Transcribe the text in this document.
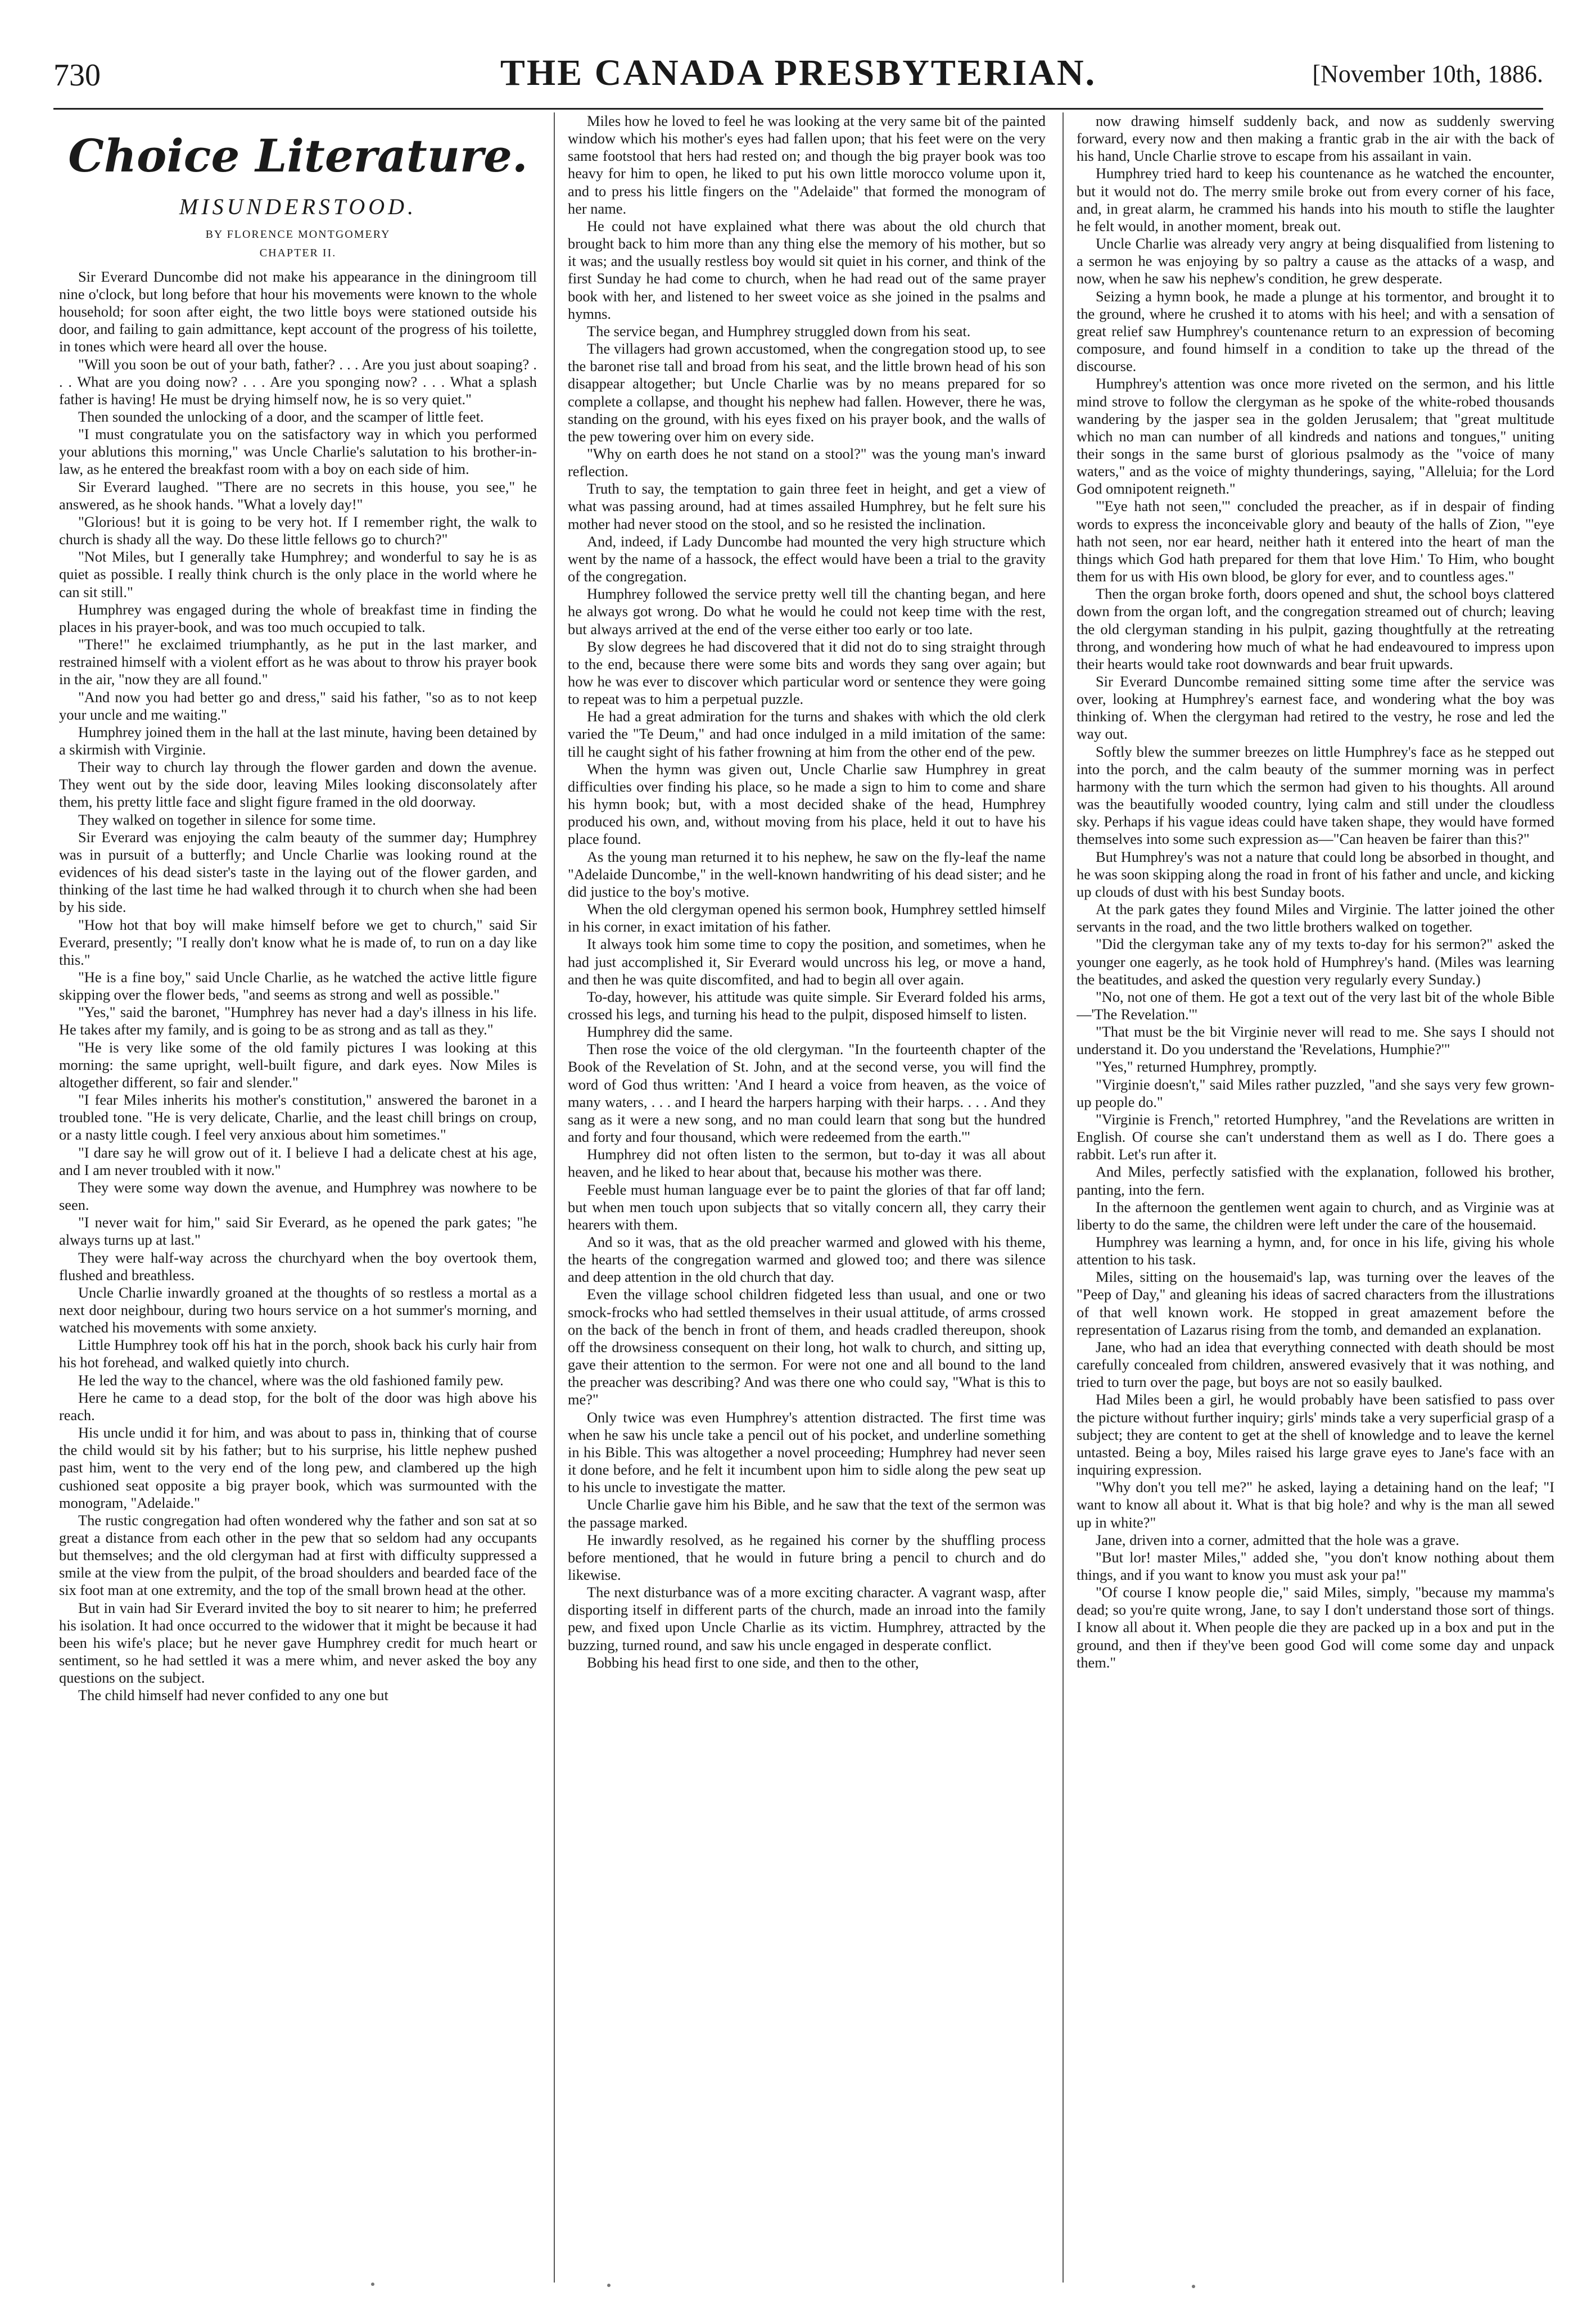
730	THE CANADA PRESBYTERIAN.	[November 10th, 1886.
Choice Literature.
MISUNDERSTOOD.
BY FLORENCE MONTGOMERY
CHAPTER II.

Sir Everard Duncombe did not make his appearance in the diningroom till nine o'clock, but long before that hour his movements were known to the whole household; for soon after eight, the two little boys were stationed outside his door, and failing to gain admittance, kept account of the progress of his toilette, in tones which were heard all over the house.

"Will you soon be out of your bath, father? . . . Are you just about soaping? . . . What are you doing now? . . . Are you sponging now? . . . What a splash father is having! He must be drying himself now, he is so very quiet."

Then sounded the unlocking of a door, and the scamper of little feet.

"I must congratulate you on the satisfactory way in which you performed your ablutions this morning," was Uncle Charlie's salutation to his brother-in-law, as he entered the breakfast room with a boy on each side of him.

Sir Everard laughed. "There are no secrets in this house, you see," he answered, as he shook hands. "What a lovely day!"

"Glorious! but it is going to be very hot. If I remember right, the walk to church is shady all the way. Do these little fellows go to church?"

"Not Miles, but I generally take Humphrey; and wonderful to say he is as quiet as possible. I really think church is the only place in the world where he can sit still."

Humphrey was engaged during the whole of breakfast time in finding the places in his prayer-book, and was too much occupied to talk.

"There!" he exclaimed triumphantly, as he put in the last marker, and restrained himself with a violent effort as he was about to throw his prayer book in the air, "now they are all found."

"And now you had better go and dress," said his father, "so as to not keep your uncle and me waiting."

Humphrey joined them in the hall at the last minute, having been detained by a skirmish with Virginie.

Their way to church lay through the flower garden and down the avenue. They went out by the side door, leaving Miles looking disconsolately after them, his pretty little face and slight figure framed in the old doorway.

They walked on together in silence for some time.

Sir Everard was enjoying the calm beauty of the summer day; Humphrey was in pursuit of a butterfly; and Uncle Charlie was looking round at the evidences of his dead sister's taste in the laying out of the flower garden, and thinking of the last time he had walked through it to church when she had been by his side.

"How hot that boy will make himself before we get to church," said Sir Everard, presently; "I really don't know what he is made of, to run on a day like this."

"He is a fine boy," said Uncle Charlie, as he watched the active little figure skipping over the flower beds, "and seems as strong and well as possible."

"Yes," said the baronet, "Humphrey has never had a day's illness in his life. He takes after my family, and is going to be as strong and as tall as they."

"He is very like some of the old family pictures I was looking at this morning: the same upright, well-built figure, and dark eyes. Now Miles is altogether different, so fair and slender."

"I fear Miles inherits his mother's constitution," answered the baronet in a troubled tone. "He is very delicate, Charlie, and the least chill brings on croup, or a nasty little cough. I feel very anxious about him sometimes."

"I dare say he will grow out of it. I believe I had a delicate chest at his age, and I am never troubled with it now."

They were some way down the avenue, and Humphrey was nowhere to be seen.

"I never wait for him," said Sir Everard, as he opened the park gates; "he always turns up at last."

They were half-way across the churchyard when the boy overtook them, flushed and breathless.

Uncle Charlie inwardly groaned at the thoughts of so restless a mortal as a next door neighbour, during two hours service on a hot summer's morning, and watched his movements with some anxiety.

Little Humphrey took off his hat in the porch, shook back his curly hair from his hot forehead, and walked quietly into church.

He led the way to the chancel, where was the old fashioned family pew.

Here he came to a dead stop, for the bolt of the door was high above his reach.

His uncle undid it for him, and was about to pass in, thinking that of course the child would sit by his father; but to his surprise, his little nephew pushed past him, went to the very end of the long pew, and clambered up the high cushioned seat opposite a big prayer book, which was surmounted with the monogram, "Adelaide."

The rustic congregation had often wondered why the father and son sat at so great a distance from each other in the pew that so seldom had any occupants but themselves; and the old clergyman had at first with difficulty suppressed a smile at the view from the pulpit, of the broad shoulders and bearded face of the six foot man at one extremity, and the top of the small brown head at the other.

But in vain had Sir Everard invited the boy to sit nearer to him; he preferred his isolation. It had once occurred to the widower that it might be because it had been his wife's place; but he never gave Humphrey credit for much heart or sentiment, so he had settled it was a mere whim, and never asked the boy any questions on the subject.

The child himself had never confided to any one but

Miles how he loved to feel he was looking at the very same bit of the painted window which his mother's eyes had fallen upon; that his feet were on the very same footstool that hers had rested on; and though the big prayer book was too heavy for him to open, he liked to put his own little morocco volume upon it, and to press his little fingers on the "Adelaide" that formed the monogram of her name.

He could not have explained what there was about the old church that brought back to him more than any thing else the memory of his mother, but so it was; and the usually restless boy would sit quiet in his corner, and think of the first Sunday he had come to church, when he had read out of the same prayer book with her, and listened to her sweet voice as she joined in the psalms and hymns.

The service began, and Humphrey struggled down from his seat.

The villagers had grown accustomed, when the congregation stood up, to see the baronet rise tall and broad from his seat, and the little brown head of his son disappear altogether; but Uncle Charlie was by no means prepared for so complete a collapse, and thought his nephew had fallen. However, there he was, standing on the ground, with his eyes fixed on his prayer book, and the walls of the pew towering over him on every side.

"Why on earth does he not stand on a stool?" was the young man's inward reflection.

Truth to say, the temptation to gain three feet in height, and get a view of what was passing around, had at times assailed Humphrey, but he felt sure his mother had never stood on the stool, and so he resisted the inclination.

And, indeed, if Lady Duncombe had mounted the very high structure which went by the name of a hassock, the effect would have been a trial to the gravity of the congregation.

Humphrey followed the service pretty well till the chanting began, and here he always got wrong. Do what he would he could not keep time with the rest, but always arrived at the end of the verse either too early or too late.

By slow degrees he had discovered that it did not do to sing straight through to the end, because there were some bits and words they sang over again; but how he was ever to discover which particular word or sentence they were going to repeat was to him a perpetual puzzle.

He had a great admiration for the turns and shakes with which the old clerk varied the "Te Deum," and had once indulged in a mild imitation of the same: till he caught sight of his father frowning at him from the other end of the pew.

When the hymn was given out, Uncle Charlie saw Humphrey in great difficulties over finding his place, so he made a sign to him to come and share his hymn book; but, with a most decided shake of the head, Humphrey produced his own, and, without moving from his place, held it out to have his place found.

As the young man returned it to his nephew, he saw on the fly-leaf the name "Adelaide Duncombe," in the well-known handwriting of his dead sister; and he did justice to the boy's motive.

When the old clergyman opened his sermon book, Humphrey settled himself in his corner, in exact imitation of his father.

It always took him some time to copy the position, and sometimes, when he had just accomplished it, Sir Everard would uncross his leg, or move a hand, and then he was quite discomfited, and had to begin all over again.

To-day, however, his attitude was quite simple. Sir Everard folded his arms, crossed his legs, and turning his head to the pulpit, disposed himself to listen.

Humphrey did the same.

Then rose the voice of the old clergyman. "In the fourteenth chapter of the Book of the Revelation of St. John, and at the second verse, you will find the word of God thus written: 'And I heard a voice from heaven, as the voice of many waters, . . . and I heard the harpers harping with their harps. . . . And they sang as it were a new song, and no man could learn that song but the hundred and forty and four thousand, which were redeemed from the earth.'"

Humphrey did not often listen to the sermon, but to-day it was all about heaven, and he liked to hear about that, because his mother was there.

Feeble must human language ever be to paint the glories of that far off land; but when men touch upon subjects that so vitally concern all, they carry their hearers with them.

And so it was, that as the old preacher warmed and glowed with his theme, the hearts of the congregation warmed and glowed too; and there was silence and deep attention in the old church that day.

Even the village school children fidgeted less than usual, and one or two smock-frocks who had settled themselves in their usual attitude, of arms crossed on the back of the bench in front of them, and heads cradled thereupon, shook off the drowsiness consequent on their long, hot walk to church, and sitting up, gave their attention to the sermon. For were not one and all bound to the land the preacher was describing? And was there one who could say, "What is this to me?"

Only twice was even Humphrey's attention distracted. The first time was when he saw his uncle take a pencil out of his pocket, and underline something in his Bible. This was altogether a novel proceeding; Humphrey had never seen it done before, and he felt it incumbent upon him to sidle along the pew seat up to his uncle to investigate the matter.

Uncle Charlie gave him his Bible, and he saw that the text of the sermon was the passage marked.

He inwardly resolved, as he regained his corner by the shuffling process before mentioned, that he would in future bring a pencil to church and do likewise.

The next disturbance was of a more exciting character. A vagrant wasp, after disporting itself in different parts of the church, made an inroad into the family pew, and fixed upon Uncle Charlie as its victim. Humphrey, attracted by the buzzing, turned round, and saw his uncle engaged in desperate conflict.

Bobbing his head first to one side, and then to the other,

now drawing himself suddenly back, and now as suddenly swerving forward, every now and then making a frantic grab in the air with the back of his hand, Uncle Charlie strove to escape from his assailant in vain.

Humphrey tried hard to keep his countenance as he watched the encounter, but it would not do. The merry smile broke out from every corner of his face, and, in great alarm, he crammed his hands into his mouth to stifle the laughter he felt would, in another moment, break out.

Uncle Charlie was already very angry at being disqualified from listening to a sermon he was enjoying by so paltry a cause as the attacks of a wasp, and now, when he saw his nephew's condition, he grew desperate.

Seizing a hymn book, he made a plunge at his tormentor, and brought it to the ground, where he crushed it to atoms with his heel; and with a sensation of great relief saw Humphrey's countenance return to an expression of becoming composure, and found himself in a condition to take up the thread of the discourse.

Humphrey's attention was once more riveted on the sermon, and his little mind strove to follow the clergyman as he spoke of the white-robed thousands wandering by the jasper sea in the golden Jerusalem; that "great multitude which no man can number of all kindreds and nations and tongues," uniting their songs in the same burst of glorious psalmody as the "voice of many waters," and as the voice of mighty thunderings, saying, "Alleluia; for the Lord God omnipotent reigneth."

"'Eye hath not seen,'" concluded the preacher, as if in despair of finding words to express the inconceivable glory and beauty of the halls of Zion, "'eye hath not seen, nor ear heard, neither hath it entered into the heart of man the things which God hath prepared for them that love Him.' To Him, who bought them for us with His own blood, be glory for ever, and to countless ages."

Then the organ broke forth, doors opened and shut, the school boys clattered down from the organ loft, and the congregation streamed out of church; leaving the old clergyman standing in his pulpit, gazing thoughtfully at the retreating throng, and wondering how much of what he had endeavoured to impress upon their hearts would take root downwards and bear fruit upwards.

Sir Everard Duncombe remained sitting some time after the service was over, looking at Humphrey's earnest face, and wondering what the boy was thinking of. When the clergyman had retired to the vestry, he rose and led the way out.

Softly blew the summer breezes on little Humphrey's face as he stepped out into the porch, and the calm beauty of the summer morning was in perfect harmony with the turn which the sermon had given to his thoughts. All around was the beautifully wooded country, lying calm and still under the cloudless sky. Perhaps if his vague ideas could have taken shape, they would have formed themselves into some such expression as—"Can heaven be fairer than this?"

But Humphrey's was not a nature that could long be absorbed in thought, and he was soon skipping along the road in front of his father and uncle, and kicking up clouds of dust with his best Sunday boots.

At the park gates they found Miles and Virginie. The latter joined the other servants in the road, and the two little brothers walked on together.

"Did the clergyman take any of my texts to-day for his sermon?" asked the younger one eagerly, as he took hold of Humphrey's hand. (Miles was learning the beatitudes, and asked the question very regularly every Sunday.)

"No, not one of them. He got a text out of the very last bit of the whole Bible—'The Revelation.'"

"That must be the bit Virginie never will read to me. She says I should not understand it. Do you understand the 'Revelations, Humphie?'"

"Yes," returned Humphrey, promptly.

"Virginie doesn't," said Miles rather puzzled, "and she says very few grown-up people do."

"Virginie is French," retorted Humphrey, "and the Revelations are written in English. Of course she can't understand them as well as I do. There goes a rabbit. Let's run after it.

And Miles, perfectly satisfied with the explanation, followed his brother, panting, into the fern.

In the afternoon the gentlemen went again to church, and as Virginie was at liberty to do the same, the children were left under the care of the housemaid.

Humphrey was learning a hymn, and, for once in his life, giving his whole attention to his task.

Miles, sitting on the housemaid's lap, was turning over the leaves of the "Peep of Day," and gleaning his ideas of sacred characters from the illustrations of that well known work. He stopped in great amazement before the representation of Lazarus rising from the tomb, and demanded an explanation.

Jane, who had an idea that everything connected with death should be most carefully concealed from children, answered evasively that it was nothing, and tried to turn over the page, but boys are not so easily baulked.

Had Miles been a girl, he would probably have been satisfied to pass over the picture without further inquiry; girls' minds take a very superficial grasp of a subject; they are content to get at the shell of knowledge and to leave the kernel untasted. Being a boy, Miles raised his large grave eyes to Jane's face with an inquiring expression.

"Why don't you tell me?" he asked, laying a detaining hand on the leaf; "I want to know all about it. What is that big hole? and why is the man all sewed up in white?"

Jane, driven into a corner, admitted that the hole was a grave.

"But lor! master Miles," added she, "you don't know nothing about them things, and if you want to know you must ask your pa!"

"Of course I know people die," said Miles, simply, "because my mamma's dead; so you're quite wrong, Jane, to say I don't understand those sort of things. I know all about it. When people die they are packed up in a box and put in the ground, and then if they've been good God will come some day and unpack them."
